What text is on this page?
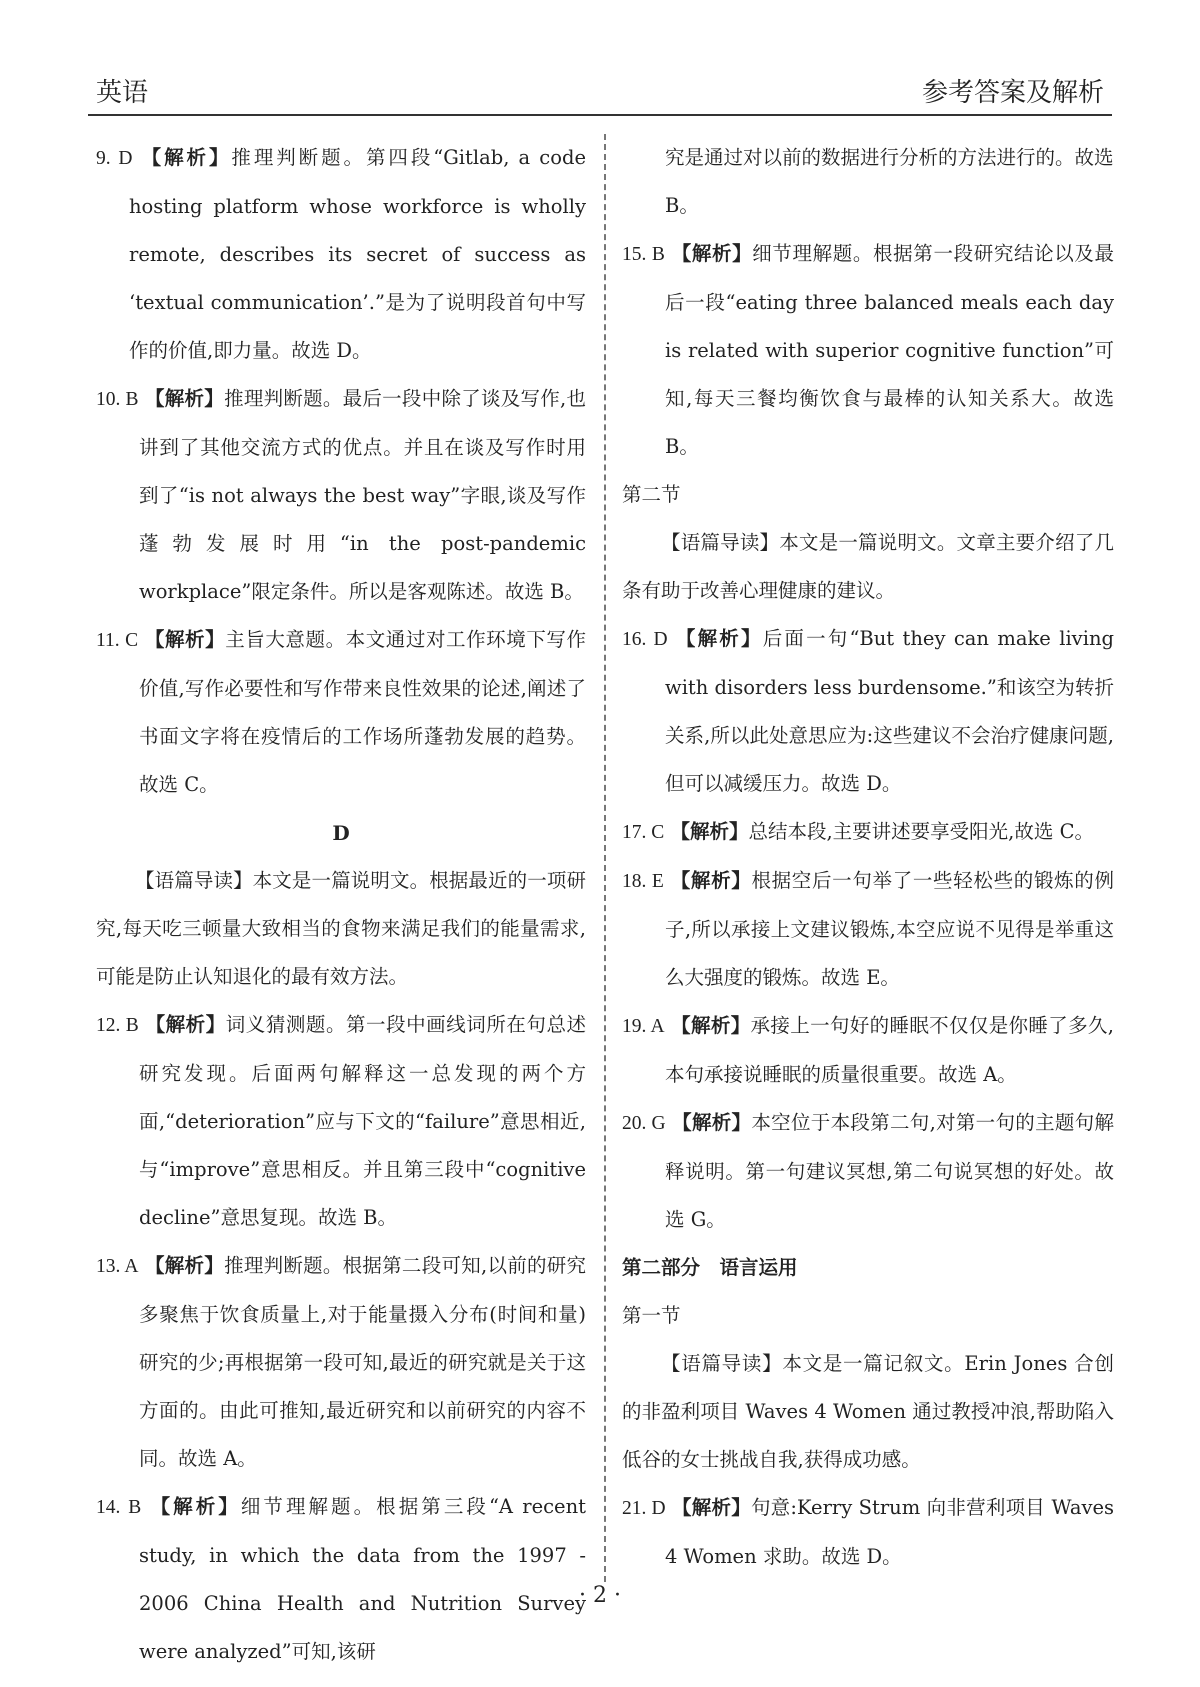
英语	参考答案及解析

9. D 【解析】推理判断题。第四段“Gitlab, a code hosting platform whose workforce is wholly remote, describes its secret of success as ‘textual communication’.”是为了说明段首句中写作的价值,即力量。故选 D。

10. B 【解析】推理判断题。最后一段中除了谈及写作,也讲到了其他交流方式的优点。并且在谈及写作时用到了“is not always the best way”字眼,谈及写作蓬勃发展时用“in the post-pandemic workplace”限定条件。所以是客观陈述。故选 B。

11. C 【解析】主旨大意题。本文通过对工作环境下写作价值,写作必要性和写作带来良性效果的论述,阐述了书面文字将在疫情后的工作场所蓬勃发展的趋势。故选 C。

D

【语篇导读】本文是一篇说明文。根据最近的一项研究,每天吃三顿量大致相当的食物来满足我们的能量需求,可能是防止认知退化的最有效方法。

12. B 【解析】词义猜测题。第一段中画线词所在句总述研究发现。后面两句解释这一总发现的两个方面,“deterioration”应与下文的“failure”意思相近,与“improve”意思相反。并且第三段中“cognitive decline”意思复现。故选 B。

13. A 【解析】推理判断题。根据第二段可知,以前的研究多聚焦于饮食质量上,对于能量摄入分布(时间和量)研究的少;再根据第一段可知,最近的研究就是关于这方面的。由此可推知,最近研究和以前研究的内容不同。故选 A。

14. B 【解析】细节理解题。根据第三段“A recent study, in which the data from the 1997 - 2006 China Health and Nutrition Survey were analyzed”可知,该研

究是通过对以前的数据进行分析的方法进行的。故选 B。

15. B 【解析】细节理解题。根据第一段研究结论以及最后一段“eating three balanced meals each day is related with superior cognitive function”可知,每天三餐均衡饮食与最棒的认知关系大。故选 B。

第二节

【语篇导读】本文是一篇说明文。文章主要介绍了几条有助于改善心理健康的建议。

16. D 【解析】后面一句“But they can make living with disorders less burdensome.”和该空为转折关系,所以此处意思应为:这些建议不会治疗健康问题,但可以减缓压力。故选 D。

17. C 【解析】总结本段,主要讲述要享受阳光,故选 C。

18. E 【解析】根据空后一句举了一些轻松些的锻炼的例子,所以承接上文建议锻炼,本空应说不见得是举重这么大强度的锻炼。故选 E。

19. A 【解析】承接上一句好的睡眠不仅仅是你睡了多久,本句承接说睡眠的质量很重要。故选 A。

20. G 【解析】本空位于本段第二句,对第一句的主题句解释说明。第一句建议冥想,第二句说冥想的好处。故选 G。

第二部分　语言运用

第一节

【语篇导读】本文是一篇记叙文。Erin Jones 合创的非盈利项目 Waves 4 Women 通过教授冲浪,帮助陷入低谷的女士挑战自我,获得成功感。

21. D 【解析】句意:Kerry Strum 向非营利项目 Waves 4 Women 求助。故选 D。

· 2 ·
